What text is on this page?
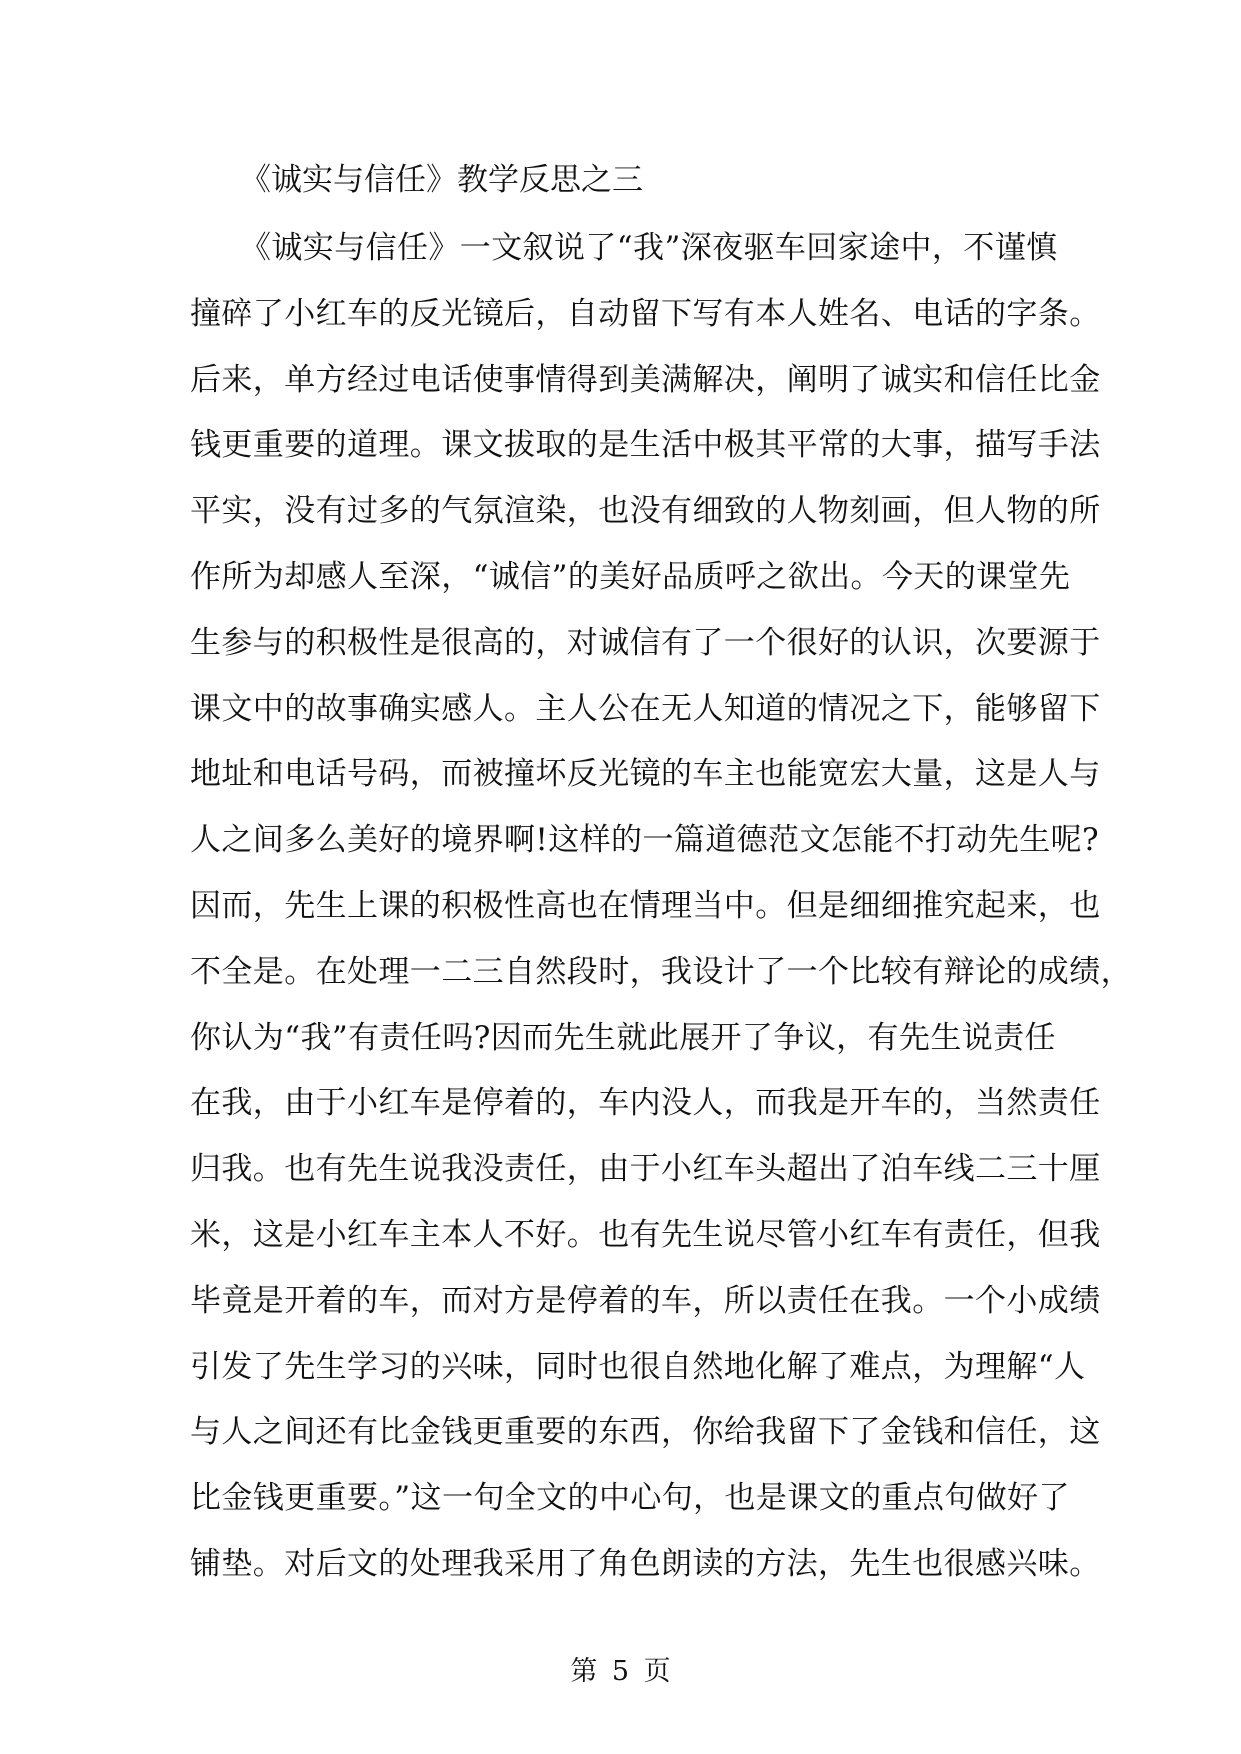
《诚实与信任》教学反思之三
《诚实与信任》一文叙说了“我”深夜驱车回家途中，不谨慎
撞碎了小红车的反光镜后，自动留下写有本人姓名、电话的字条。
后来，单方经过电话使事情得到美满解决，阐明了诚实和信任比金
钱更重要的道理。课文拔取的是生活中极其平常的大事，描写手法
平实，没有过多的气氛渲染，也没有细致的人物刻画，但人物的所
作所为却感人至深，“诚信”的美好品质呼之欲出。今天的课堂先
生参与的积极性是很高的，对诚信有了一个很好的认识，次要源于
课文中的故事确实感人。主人公在无人知道的情况之下，能够留下
地址和电话号码，而被撞坏反光镜的车主也能宽宏大量，这是人与
人之间多么美好的境界啊!这样的一篇道德范文怎能不打动先生呢?
因而，先生上课的积极性高也在情理当中。但是细细推究起来，也
不全是。在处理一二三自然段时，我设计了一个比较有辩论的成绩，
你认为“我”有责任吗?因而先生就此展开了争议，有先生说责任
在我，由于小红车是停着的，车内没人，而我是开车的，当然责任
归我。也有先生说我没责任，由于小红车头超出了泊车线二三十厘
米，这是小红车主本人不好。也有先生说尽管小红车有责任，但我
毕竟是开着的车，而对方是停着的车，所以责任在我。一个小成绩
引发了先生学习的兴味，同时也很自然地化解了难点，为理解“人
与人之间还有比金钱更重要的东西，你给我留下了金钱和信任，这
比金钱更重要。”这一句全文的中心句，也是课文的重点句做好了
铺垫。对后文的处理我采用了角色朗读的方法，先生也很感兴味。
第 5 页
